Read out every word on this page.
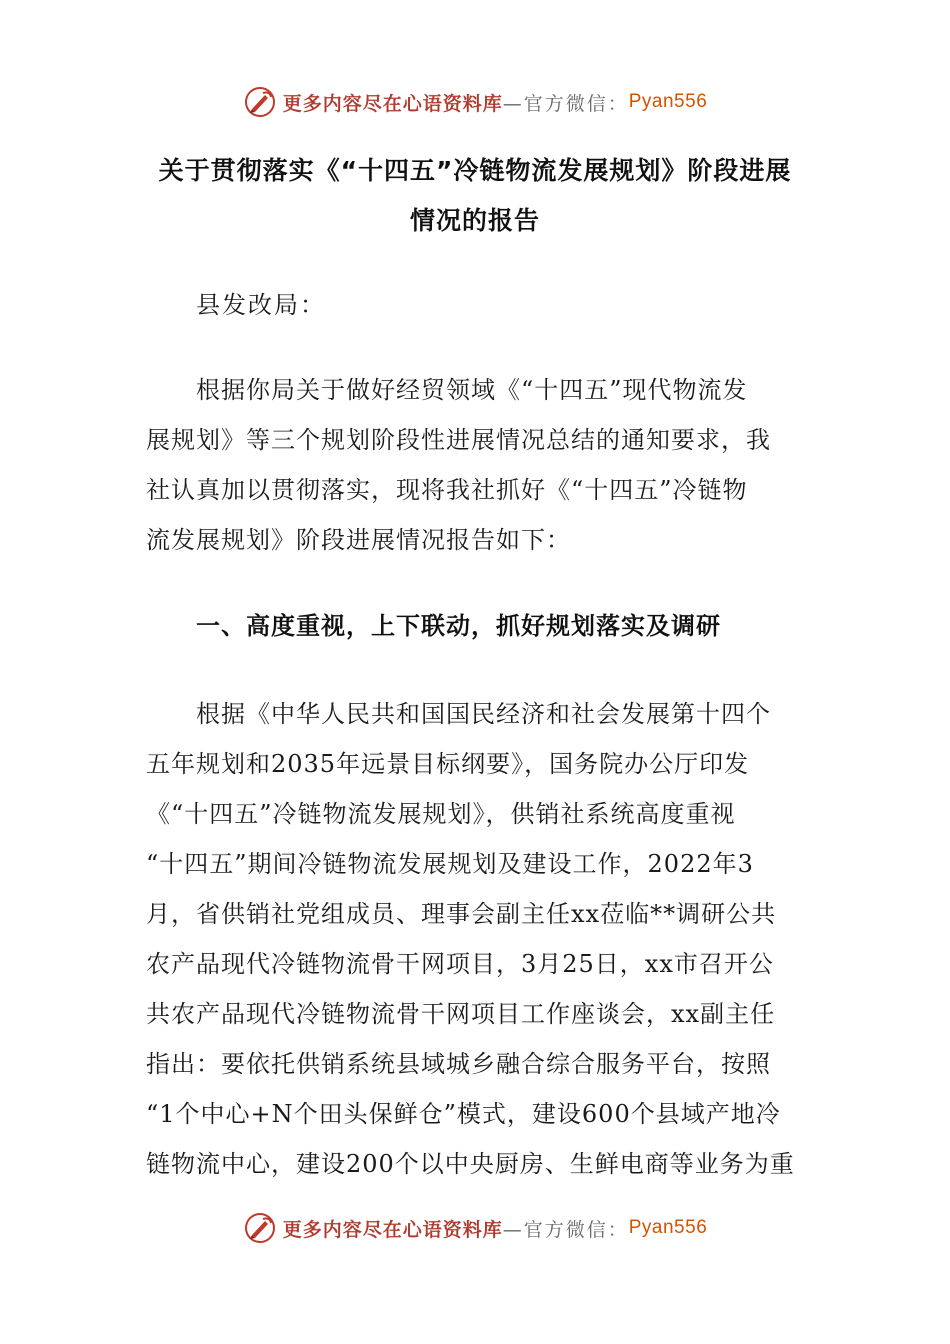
更多内容尽在心语资料库 —官方微信： Pyan556
关于贯彻落实《“十四五”冷链物流发展规划》阶段进展
情况的报告
县发改局：
根据你局关于做好经贸领域《“十四五”现代物流发
展规划》等三个规划阶段性进展情况总结的通知要求，我
社认真加以贯彻落实，现将我社抓好《“十四五”冷链物
流发展规划》阶段进展情况报告如下：
一、高度重视，上下联动，抓好规划落实及调研
根据《中华人民共和国国民经济和社会发展第十四个
五年规划和2035年远景目标纲要》，国务院办公厅印发
《“十四五”冷链物流发展规划》，供销社系统高度重视
“十四五”期间冷链物流发展规划及建设工作，2022年3
月，省供销社党组成员、理事会副主任xx莅临**调研公共
农产品现代冷链物流骨干网项目，3月25日，xx市召开公
共农产品现代冷链物流骨干网项目工作座谈会，xx副主任
指出：要依托供销系统县域城乡融合综合服务平台，按照
“1个中心+N个田头保鲜仓”模式，建设600个县域产地冷
链物流中心，建设200个以中央厨房、生鲜电商等业务为重
更多内容尽在心语资料库 —官方微信： Pyan556
